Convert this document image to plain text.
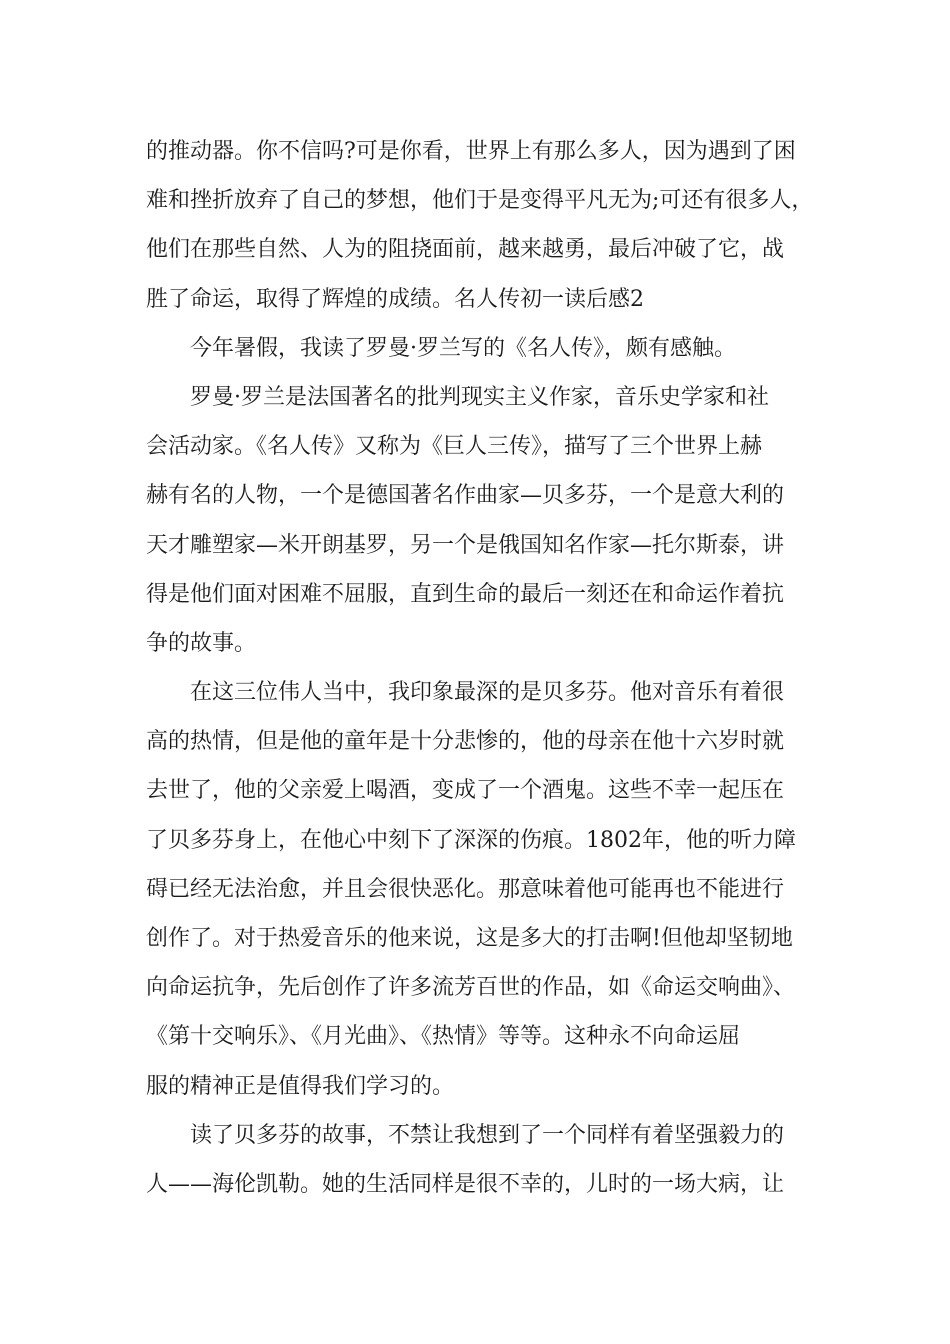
的推动器。你不信吗?可是你看，世界上有那么多人，因为遇到了困
难和挫折放弃了自己的梦想，他们于是变得平凡无为;可还有很多人，
他们在那些自然、人为的阻挠面前，越来越勇，最后冲破了它，战
胜了命运，取得了辉煌的成绩。名人传初一读后感2
今年暑假，我读了罗曼·罗兰写的《名人传》，颇有感触。
罗曼·罗兰是法国著名的批判现实主义作家，音乐史学家和社
会活动家。《名人传》又称为《巨人三传》，描写了三个世界上赫
赫有名的人物，一个是德国著名作曲家—贝多芬，一个是意大利的
天才雕塑家—米开朗基罗，另一个是俄国知名作家—托尔斯泰，讲
得是他们面对困难不屈服，直到生命的最后一刻还在和命运作着抗
争的故事。
在这三位伟人当中，我印象最深的是贝多芬。他对音乐有着很
高的热情，但是他的童年是十分悲惨的，他的母亲在他十六岁时就
去世了，他的父亲爱上喝酒，变成了一个酒鬼。这些不幸一起压在
了贝多芬身上，在他心中刻下了深深的伤痕。1802年，他的听力障
碍已经无法治愈，并且会很快恶化。那意味着他可能再也不能进行
创作了。对于热爱音乐的他来说，这是多大的打击啊!但他却坚韧地
向命运抗争，先后创作了许多流芳百世的作品，如《命运交响曲》、
《第十交响乐》、《月光曲》、《热情》等等。这种永不向命运屈
服的精神正是值得我们学习的。
读了贝多芬的故事，不禁让我想到了一个同样有着坚强毅力的
人——海伦凯勒。她的生活同样是很不幸的，儿时的一场大病，让
